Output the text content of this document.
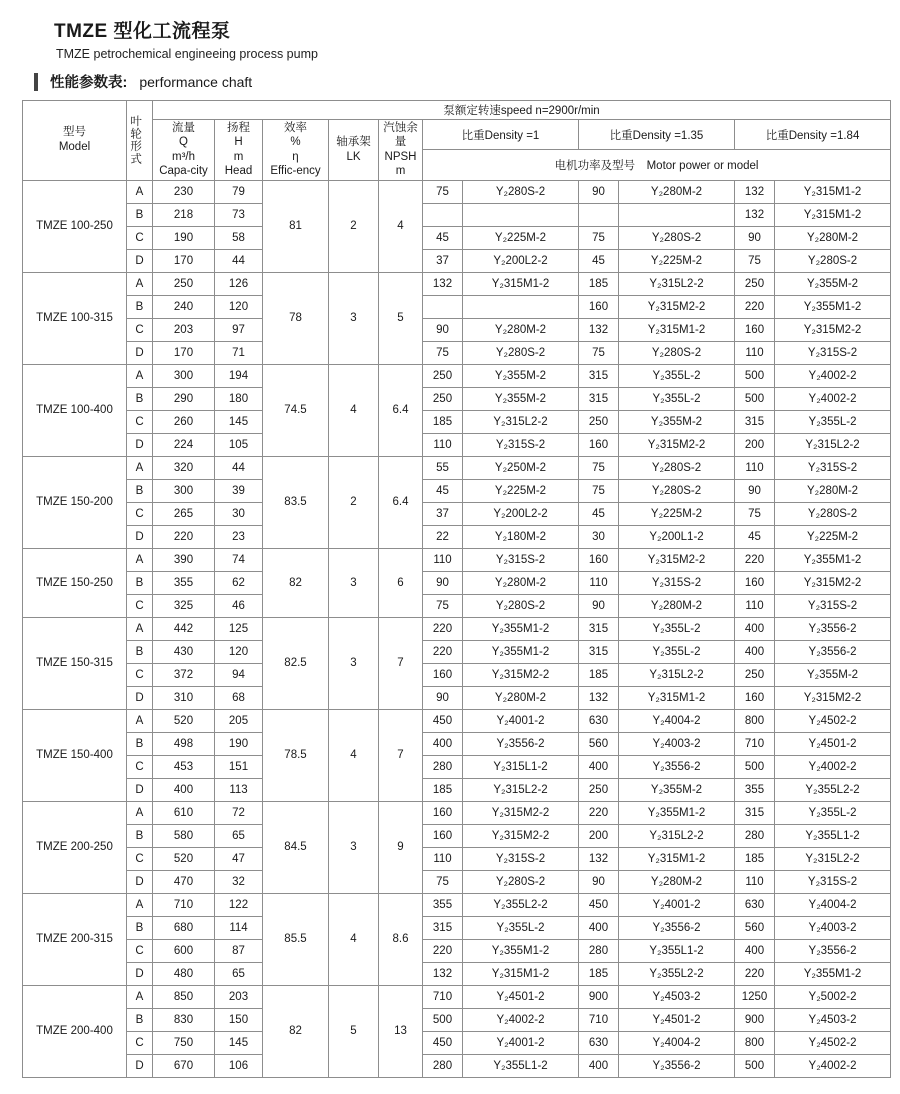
TMZE 型化工流程泵
TMZE petrochemical engineeing process pump
性能参数表: performance chaft
型号
Model	叶轮形式	泵额定转速speed n=2900r/min										

		流量
Q
m³/h
Capa-city	扬程
H
m
Head	效率
%
η
Effic-ency	轴承架
LK	汽蚀余量
NPSH
m	比重Density =1		比重Density =1.35		比重Density =1.84	
							电机功率及型号　Motor power or model					
TMZE 100-250	A	230	79	81	2	4	75	Y₂280S-2	90	Y₂280M-2	132	Y₂315M1-2
	B	218	73								132	Y₂315M1-2
	C	190	58				45	Y₂225M-2	75	Y₂280S-2	90	Y₂280M-2
	D	170	44				37	Y₂200L2-2	45	Y₂225M-2	75	Y₂280S-2
TMZE 100-315	A	250	126	78	3	5	132	Y₂315M1-2	185	Y₂315L2-2	250	Y₂355M-2
	B	240	120						160	Y₂315M2-2	220	Y₂355M1-2
	C	203	97				90	Y₂280M-2	132	Y₂315M1-2	160	Y₂315M2-2
	D	170	71				75	Y₂280S-2	75	Y₂280S-2	110	Y₂315S-2
TMZE 100-400	A	300	194	74.5	4	6.4	250	Y₂355M-2	315	Y₂355L-2	500	Y₂4002-2
	B	290	180				250	Y₂355M-2	315	Y₂355L-2	500	Y₂4002-2
	C	260	145				185	Y₂315L2-2	250	Y₂355M-2	315	Y₂355L-2
	D	224	105				110	Y₂315S-2	160	Y₂315M2-2	200	Y₂315L2-2
TMZE 150-200	A	320	44	83.5	2	6.4	55	Y₂250M-2	75	Y₂280S-2	110	Y₂315S-2
	B	300	39				45	Y₂225M-2	75	Y₂280S-2	90	Y₂280M-2
	C	265	30				37	Y₂200L2-2	45	Y₂225M-2	75	Y₂280S-2
	D	220	23				22	Y₂180M-2	30	Y₂200L1-2	45	Y₂225M-2
TMZE 150-250	A	390	74	82	3	6	110	Y₂315S-2	160	Y₂315M2-2	220	Y₂355M1-2
	B	355	62				90	Y₂280M-2	110	Y₂315S-2	160	Y₂315M2-2
	C	325	46				75	Y₂280S-2	90	Y₂280M-2	110	Y₂315S-2
TMZE 150-315	A	442	125	82.5	3	7	220	Y₂355M1-2	315	Y₂355L-2	400	Y₂3556-2
	B	430	120				220	Y₂355M1-2	315	Y₂355L-2	400	Y₂3556-2
	C	372	94				160	Y₂315M2-2	185	Y₂315L2-2	250	Y₂355M-2
	D	310	68				90	Y₂280M-2	132	Y₂315M1-2	160	Y₂315M2-2
TMZE 150-400	A	520	205	78.5	4	7	450	Y₂4001-2	630	Y₂4004-2	800	Y₂4502-2
	B	498	190				400	Y₂3556-2	560	Y₂4003-2	710	Y₂4501-2
	C	453	151				280	Y₂315L1-2	400	Y₂3556-2	500	Y₂4002-2
	D	400	113				185	Y₂315L2-2	250	Y₂355M-2	355	Y₂355L2-2
TMZE 200-250	A	610	72	84.5	3	9	160	Y₂315M2-2	220	Y₂355M1-2	315	Y₂355L-2
	B	580	65				160	Y₂315M2-2	200	Y₂315L2-2	280	Y₂355L1-2
	C	520	47				110	Y₂315S-2	132	Y₂315M1-2	185	Y₂315L2-2
	D	470	32				75	Y₂280S-2	90	Y₂280M-2	110	Y₂315S-2
TMZE 200-315	A	710	122	85.5	4	8.6	355	Y₂355L2-2	450	Y₂4001-2	630	Y₂4004-2
	B	680	114				315	Y₂355L-2	400	Y₂3556-2	560	Y₂4003-2
	C	600	87				220	Y₂355M1-2	280	Y₂355L1-2	400	Y₂3556-2
	D	480	65				132	Y₂315M1-2	185	Y₂355L2-2	220	Y₂355M1-2
TMZE 200-400	A	850	203	82	5	13	710	Y₂4501-2	900	Y₂4503-2	1250	Y₂5002-2
	B	830	150				500	Y₂4002-2	710	Y₂4501-2	900	Y₂4503-2
	C	750	145				450	Y₂4001-2	630	Y₂4004-2	800	Y₂4502-2
	D	670	106				280	Y₂355L1-2	400	Y₂3556-2	500	Y₂4002-2
